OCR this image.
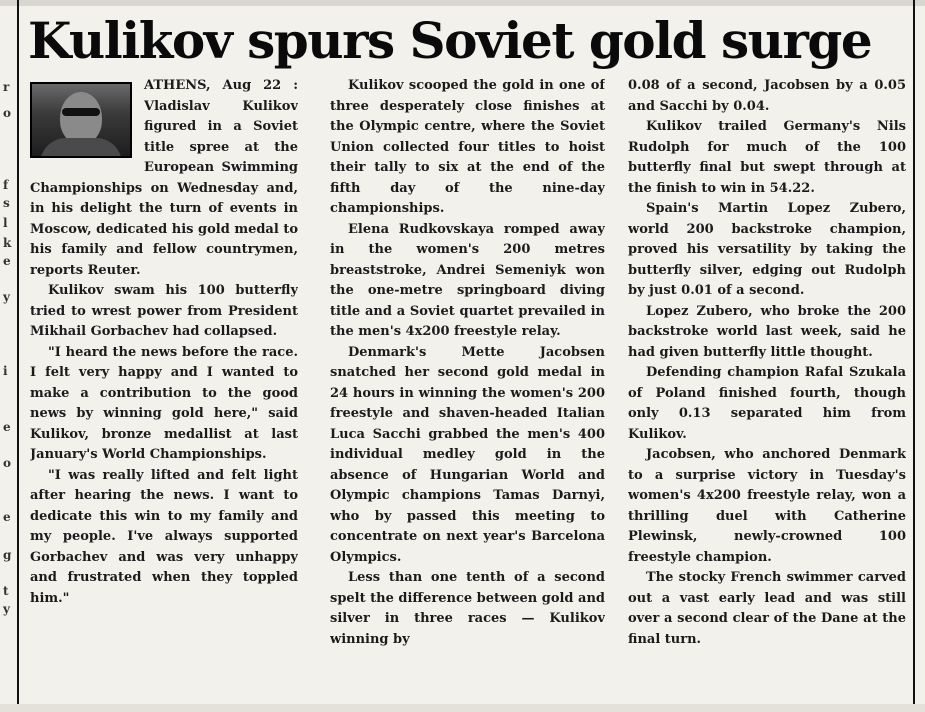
r
o
f
s
l
k
e
y
i
e
o
e
g
t
y
Kulikov spurs Soviet gold surge

ATHENS, Aug 22 : Vladislav Kulikov figured in a Soviet title spree at the European Swimming Championships on Wednesday and, in his delight the turn of events in Moscow, dedicated his gold medal to his family and fellow countrymen, reports Reuter.

Kulikov swam his 100 butterfly tried to wrest power from President Mikhail Gorbachev had collapsed.

"I heard the news before the race. I felt very happy and I wanted to make a contribution to the good news by winning gold here," said Kulikov, bronze medallist at last January's World Championships.

"I was really lifted and felt light after hearing the news. I want to dedicate this win to my family and my people. I've always supported Gorbachev and was very unhappy and frustrated when they toppled him."

Kulikov scooped the gold in one of three desperately close finishes at the Olympic centre, where the Soviet Union collected four titles to hoist their tally to six at the end of the fifth day of the nine-day championships.

Elena Rudkovskaya romped away in the women's 200 metres breaststroke, Andrei Semeniyk won the one-metre springboard diving title and a Soviet quartet prevailed in the men's 4x200 freestyle relay.

Denmark's Mette Jacobsen snatched her second gold medal in 24 hours in winning the women's 200 freestyle and shaven-headed Italian Luca Sacchi grabbed the men's 400 individual medley gold in the absence of Hungarian World and Olympic champions Tamas Darnyi, who by passed this meeting to concentrate on next year's Barcelona Olympics.

Less than one tenth of a second spelt the difference between gold and silver in three races — Kulikov winning by

0.08 of a second, Jacobsen by a 0.05 and Sacchi by 0.04.

Kulikov trailed Germany's Nils Rudolph for much of the 100 butterfly final but swept through at the finish to win in 54.22.

Spain's Martin Lopez Zubero, world 200 backstroke champion, proved his versatility by taking the butterfly silver, edging out Rudolph by just 0.01 of a second.

Lopez Zubero, who broke the 200 backstroke world last week, said he had given butterfly little thought.

Defending champion Rafal Szukala of Poland finished fourth, though only 0.13 separated him from Kulikov.

Jacobsen, who anchored Denmark to a surprise victory in Tuesday's women's 4x200 freestyle relay, won a thrilling duel with Catherine Plewinsk, newly-crowned 100 freestyle champion.

The stocky French swimmer carved out a vast early lead and was still over a second clear of the Dane at the final turn.
